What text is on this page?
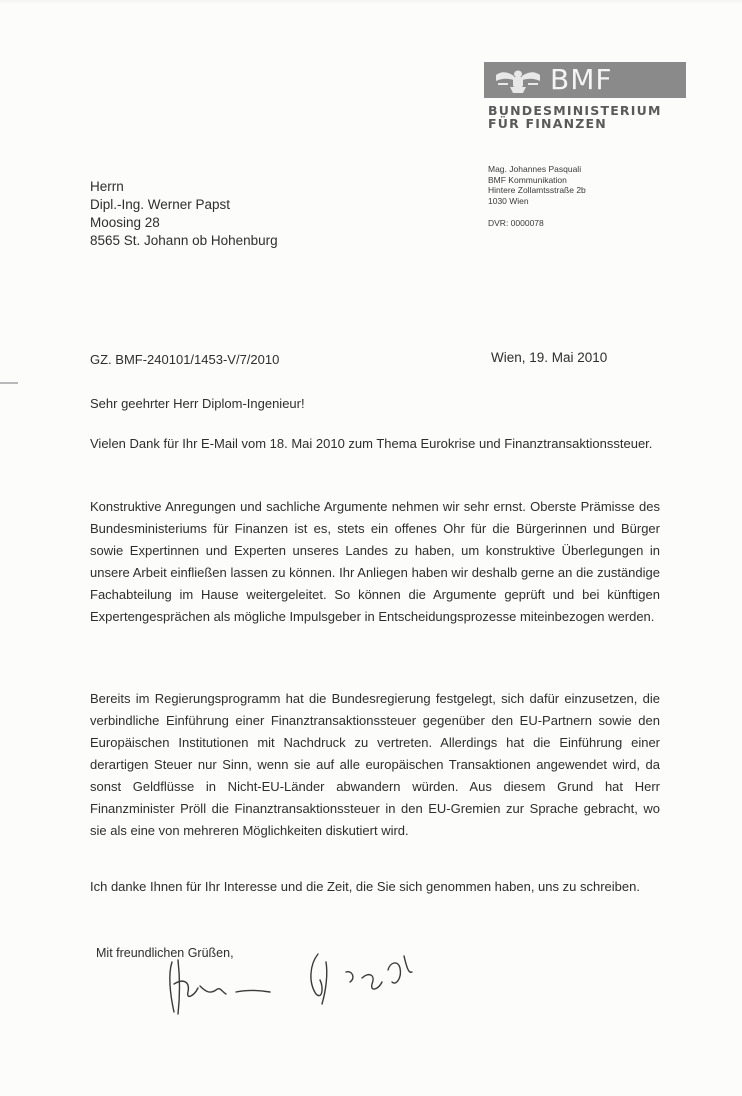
BMF
BUNDESMINISTERIUM
FÜR FINANZEN
Mag. Johannes Pasquali
BMF Kommunikation
Hintere Zollamtsstraße 2b
1030 Wien
DVR: 0000078
Herrn
Dipl.-Ing. Werner Papst
Moosing 28
8565 St. Johann ob Hohenburg
GZ. BMF-240101/1453-V/7/2010	Wien, 19. Mai 2010
Sehr geehrter Herr Diplom-Ingenieur!
Vielen Dank für Ihr E-Mail vom 18. Mai 2010 zum Thema Eurokrise und Finanztransaktionssteuer.
Konstruktive Anregungen und sachliche Argumente nehmen wir sehr ernst. Oberste Prämisse des Bundesministeriums für Finanzen ist es, stets ein offenes Ohr für die Bürgerinnen und Bürger sowie Expertinnen und Experten unseres Landes zu haben, um konstruktive Überlegungen in unsere Arbeit einfließen lassen zu können. Ihr Anliegen haben wir deshalb gerne an die zuständige Fachabteilung im Hause weitergeleitet. So können die Argumente geprüft und bei künftigen Expertengesprächen als mögliche Impulsgeber in Entscheidungsprozesse miteinbezogen werden.
Bereits im Regierungsprogramm hat die Bundesregierung festgelegt, sich dafür einzusetzen, die verbindliche Einführung einer Finanztransaktionssteuer gegenüber den EU-Partnern sowie den Europäischen Institutionen mit Nachdruck zu vertreten. Allerdings hat die Einführung einer derartigen Steuer nur Sinn, wenn sie auf alle europäischen Transaktionen angewendet wird, da sonst Geldflüsse in Nicht-EU-Länder abwandern würden. Aus diesem Grund hat Herr Finanzminister Pröll die Finanztransaktionssteuer in den EU-Gremien zur Sprache gebracht, wo sie als eine von mehreren Möglichkeiten diskutiert wird.
Ich danke Ihnen für Ihr Interesse und die Zeit, die Sie sich genommen haben, uns zu schreiben.
Mit freundlichen Grüßen,
